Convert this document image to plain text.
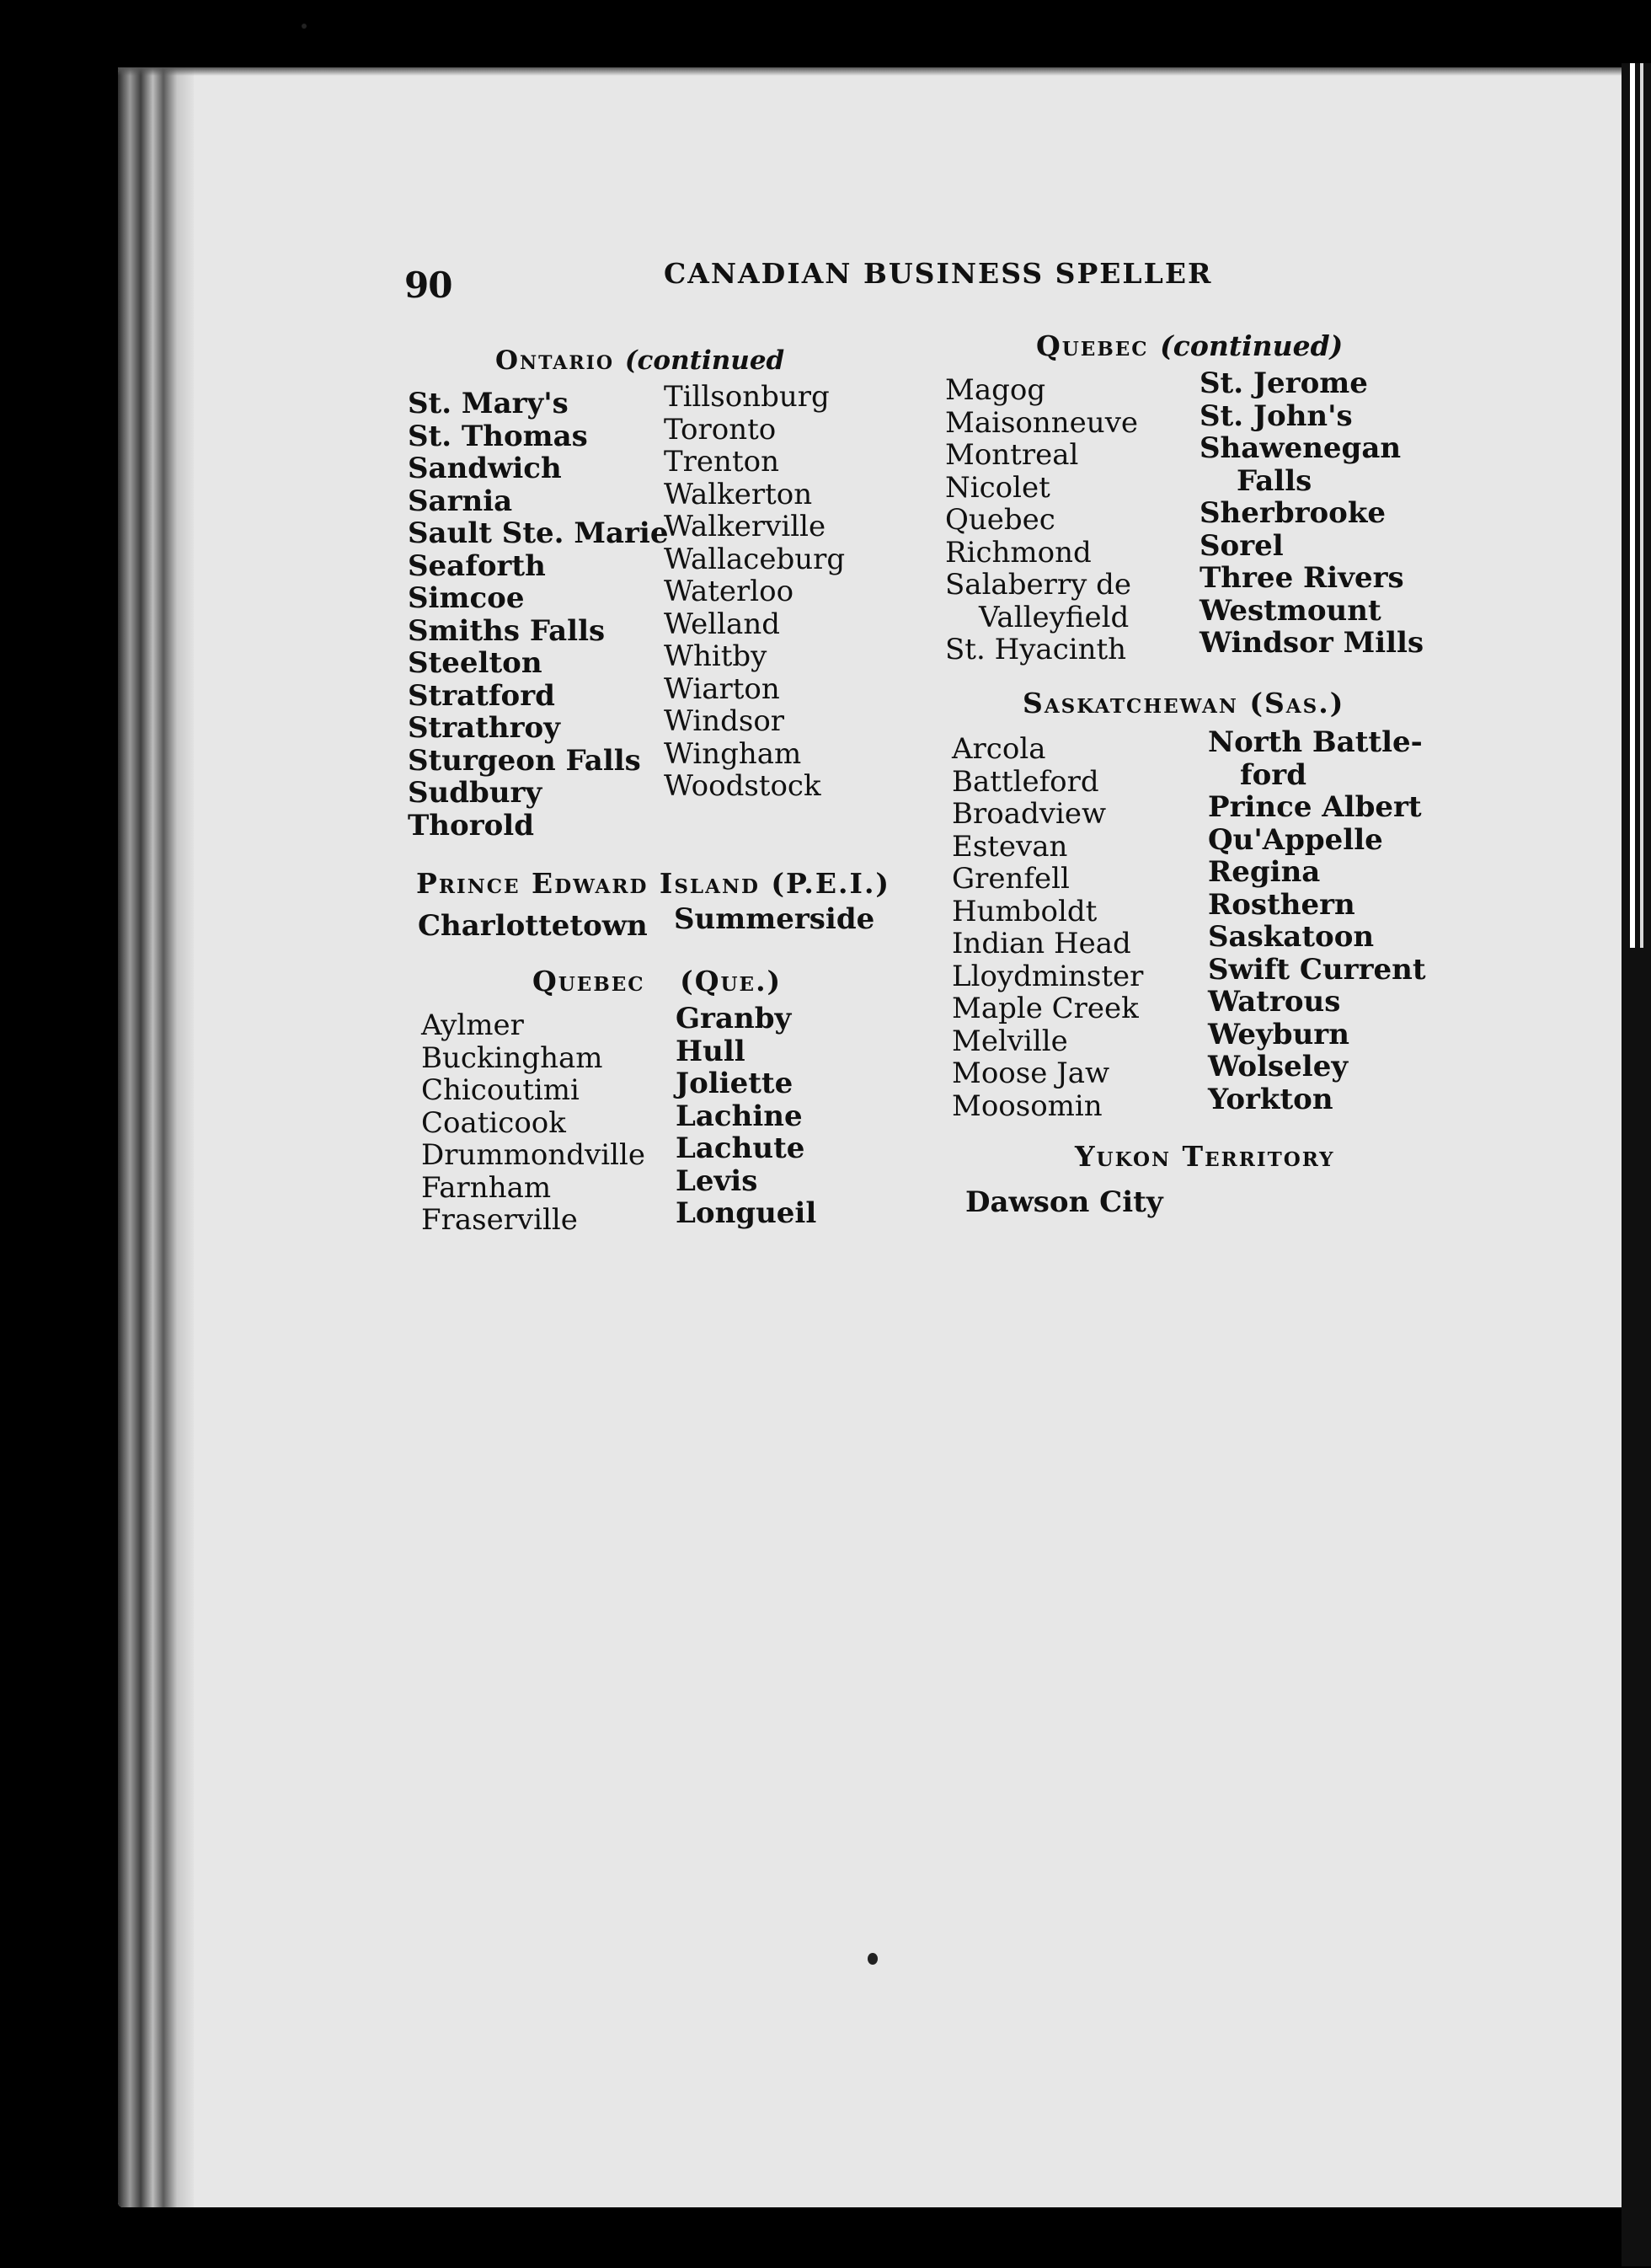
90	CANADIAN BUSINESS SPELLER
Ontario (continued
St. Mary's
St. Thomas
Sandwich
Sarnia
Sault Ste. Marie
Seaforth
Simcoe
Smiths Falls
Steelton
Stratford
Strathroy
Sturgeon Falls
Sudbury
Thorold
Tillsonburg
Toronto
Trenton
Walkerton
Walkerville
Wallaceburg
Waterloo
Welland
Whitby
Wiarton
Windsor
Wingham
Woodstock
Prince Edward Island (P.E.I.)
Charlottetown Summerside
Quebec (Que.)
Aylmer
Buckingham
Chicoutimi
Coaticook
Drummondville
Farnham
Fraserville
Granby
Hull
Joliette
Lachine
Lachute
Levis
Longueil
Quebec (continued)
Magog
Maisonneuve
Montreal
Nicolet
Quebec
Richmond
Salaberry de
Valleyfield
St. Hyacinth
St. Jerome
St. John's
Shawenegan
Falls
Sherbrooke
Sorel
Three Rivers
Westmount
Windsor Mills
Saskatchewan (Sas.)
Arcola
Battleford
Broadview
Estevan
Grenfell
Humboldt
Indian Head
Lloydminster
Maple Creek
Melville
Moose Jaw
Moosomin
North Battle-
ford
Prince Albert
Qu'Appelle
Regina
Rosthern
Saskatoon
Swift Current
Watrous
Weyburn
Wolseley
Yorkton
Yukon Territory
Dawson City
